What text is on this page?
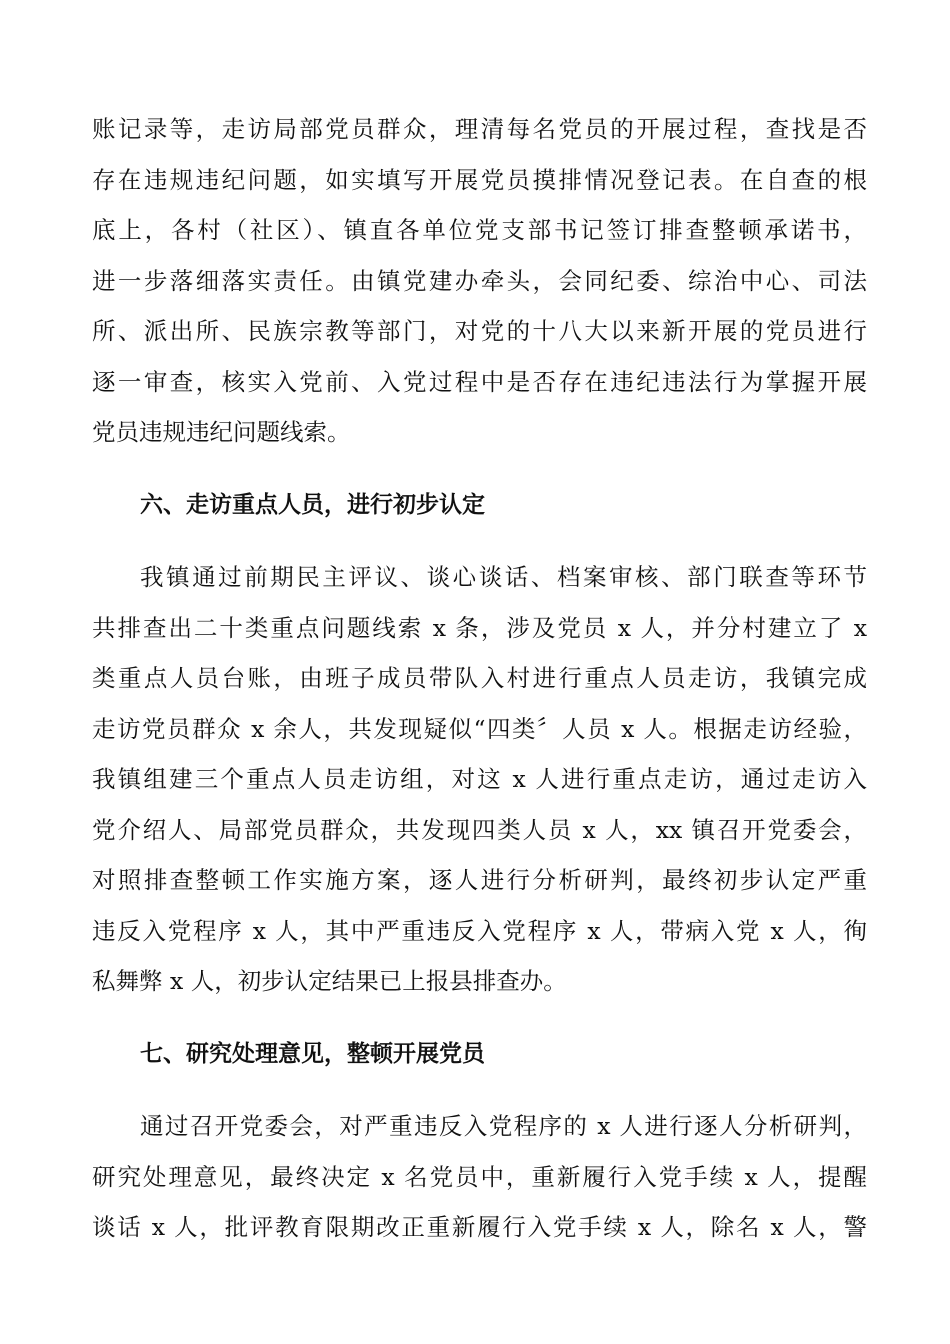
账记录等，走访局部党员群众，理清每名党员的开展过程，查找是否
存在违规违纪问题，如实填写开展党员摸排情况登记表。在自查的根
底上，各村（社区）、镇直各单位党支部书记签订排查整顿承诺书，
进一步落细落实责任。由镇党建办牵头，会同纪委、综治中心、司法
所、派出所、民族宗教等部门，对党的十八大以来新开展的党员进行
逐一审查，核实入党前、入党过程中是否存在违纪违法行为掌握开展
党员违规违纪问题线索。
六、走访重点人员，进行初步认定
我镇通过前期民主评议、谈心谈话、档案审核、部门联查等环节
共排查出二十类重点问题线索 x 条，涉及党员 x 人，并分村建立了 x
类重点人员台账，由班子成员带队入村进行重点人员走访，我镇完成
走访党员群众 x 余人，共发现疑似“四类〞人员 x 人。根据走访经验，
我镇组建三个重点人员走访组，对这 x 人进行重点走访，通过走访入
党介绍人、局部党员群众，共发现四类人员 x 人，xx 镇召开党委会，
对照排查整顿工作实施方案，逐人进行分析研判，最终初步认定严重
违反入党程序 x 人，其中严重违反入党程序 x 人，带病入党 x 人，徇
私舞弊 x 人，初步认定结果已上报县排查办。
七、研究处理意见，整顿开展党员
通过召开党委会，对严重违反入党程序的 x 人进行逐人分析研判，
研究处理意见，最终决定 x 名党员中，重新履行入党手续 x 人，提醒
谈话 x 人，批评教育限期改正重新履行入党手续 x 人，除名 x 人，警
